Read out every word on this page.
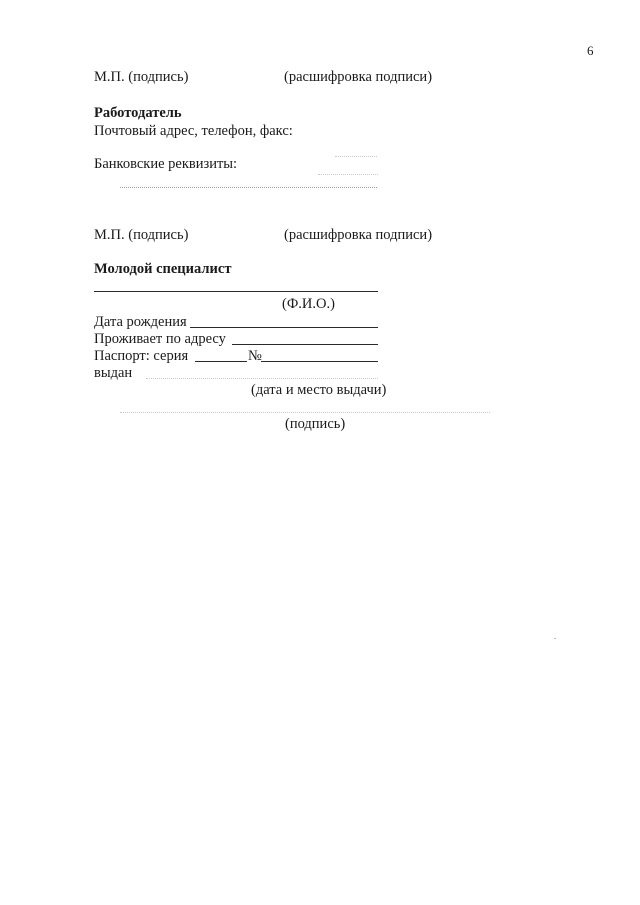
6
М.П. (подпись)	(расшифровка подписи)
Работодатель
Почтовый адрес, телефон, факс:
Банковские реквизиты:
М.П. (подпись)	(расшифровка подписи)
Молодой специалист
(Ф.И.О.)
Дата рождения
Проживает по адресу
Паспорт: серия	№
выдан
(дата и место выдачи)
(подпись)
